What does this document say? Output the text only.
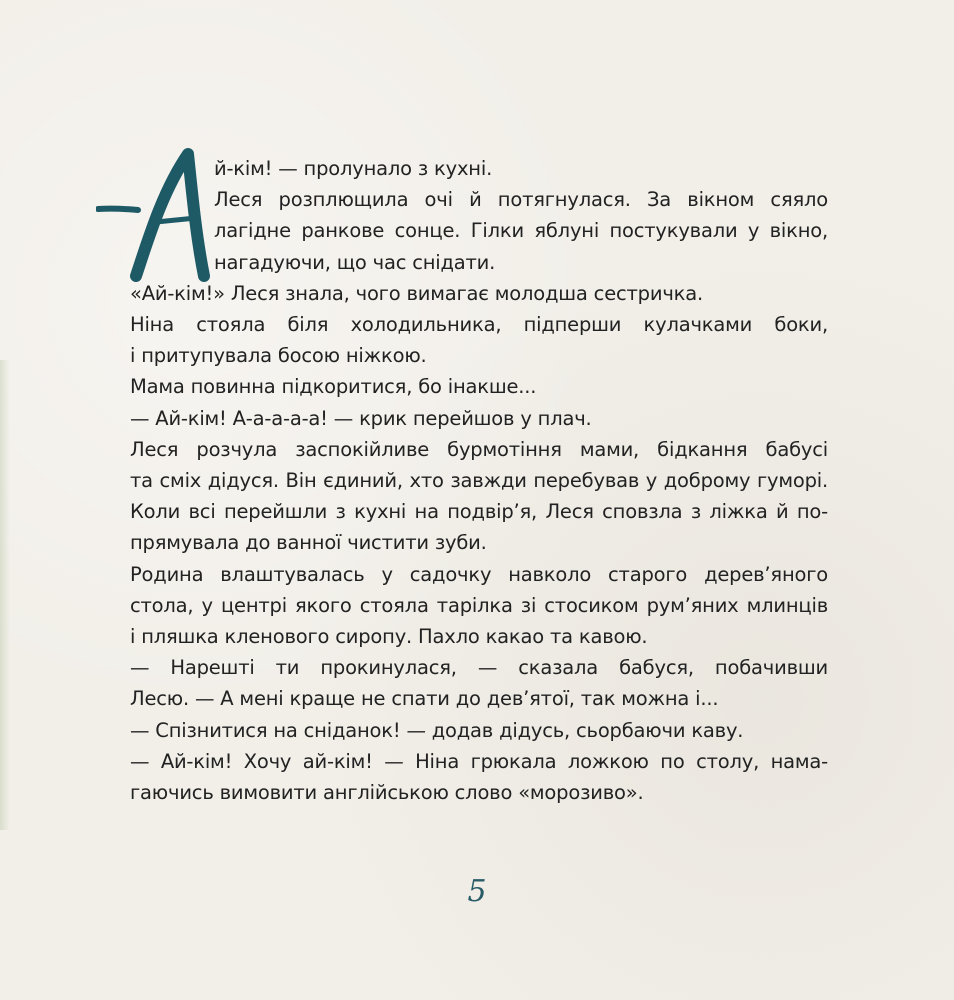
й-кім! — пролунало з кухні.
Леся розплющила очі й потягнулася. За вікном сяяло
лагідне ранкове сонце. Гілки яблуні постукували у вікно,
нагадуючи, що час снідати.
«Ай-кім!» Леся знала, чого вимагає молодша сестричка.
Ніна стояла біля холодильника, підперши кулачками боки,
і притупувала босою ніжкою.
Мама повинна підкоритися, бо інакше...
— Ай-кім! А-а-а-а-а! — крик перейшов у плач.
Леся розчула заспокійливе бурмотіння мами, бідкання бабусі
та сміх дідуся. Він єдиний, хто завжди перебував у доброму гуморі.
Коли всі перейшли з кухні на подвір’я, Леся сповзла з ліжка й по-
прямувала до ванної чистити зуби.
Родина влаштувалась у садочку навколо старого дерев’яного
стола, у центрі якого стояла тарілка зі стосиком рум’яних млинців
і пляшка кленового сиропу. Пахло какао та кавою.
— Нарешті ти прокинулася, — сказала бабуся, побачивши
Лесю. — А мені краще не спати до дев’ятої, так можна і...
— Спізнитися на сніданок! — додав дідусь, сьорбаючи каву.
— Ай-кім! Хочу ай-кім! — Ніна грюкала ложкою по столу, нама-
гаючись вимовити англійською слово «морозиво».
5
